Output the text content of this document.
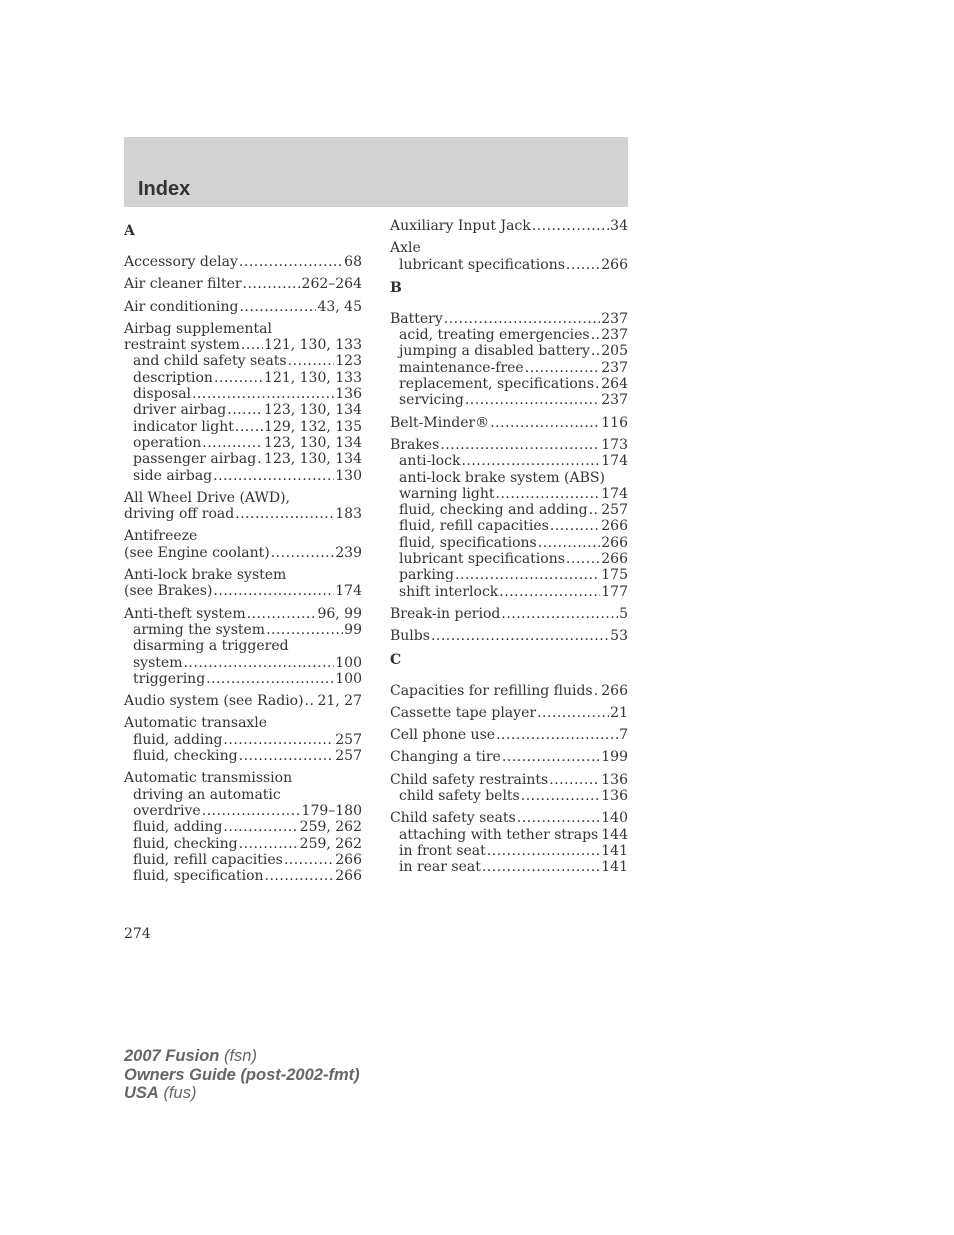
Index
A
Accessory delay .....	68
Air cleaner filter .....	262–264
Air conditioning .....	43, 45
Airbag supplemental
restraint system ..... 121, 130, 133
and child safety seats .....	123
description .....	121, 130, 133
disposal .....	136
driver airbag .....	123, 130, 134
indicator light ..... 129, 132, 135
operation .....	123, 130, 134
passenger airbag ..... 123, 130, 134
side airbag .....	130
All Wheel Drive (AWD),
driving off road .....	183
Antifreeze
(see Engine coolant) .....	239
Anti-lock brake system
(see Brakes) .....	174
Anti-theft system .....	96, 99
arming the system .....	99
disarming a triggered
system .....	100
triggering .....	100
Audio system (see Radio) ..... 21, 27
Automatic transaxle
fluid, adding .....	257
fluid, checking .....	257
Automatic transmission
driving an automatic
overdrive .....	179–180
fluid, adding .....	259, 262
fluid, checking .....	259, 262
fluid, refill capacities .....	266
fluid, specification .....	266
Auxiliary Input Jack .....	34
Axle
lubricant specifications .....	266
B
Battery .....	237
acid, treating emergencies ..... 237
jumping a disabled battery ..... 205
maintenance-free .....	237
replacement, specifications ..... 264
servicing .....	237
Belt-Minder® .....	116
Brakes .....	173
anti-lock .....	174
anti-lock brake system (ABS)
warning light .....	174
fluid, checking and adding ..... 257
fluid, refill capacities .....	266
fluid, specifications .....	266
lubricant specifications .....	266
parking .....	175
shift interlock .....	177
Break-in period .....	5
Bulbs .....	53
C
Capacities for refilling fluids ..... 266
Cassette tape player .....	21
Cell phone use .....	7
Changing a tire .....	199
Child safety restraints .....	136
child safety belts .....	136
Child safety seats .....	140
attaching with tether straps ..... 144
in front seat .....	141
in rear seat .....	141
274
2007 Fusion (fsn)
Owners Guide (post-2002-fmt)
USA (fus)
